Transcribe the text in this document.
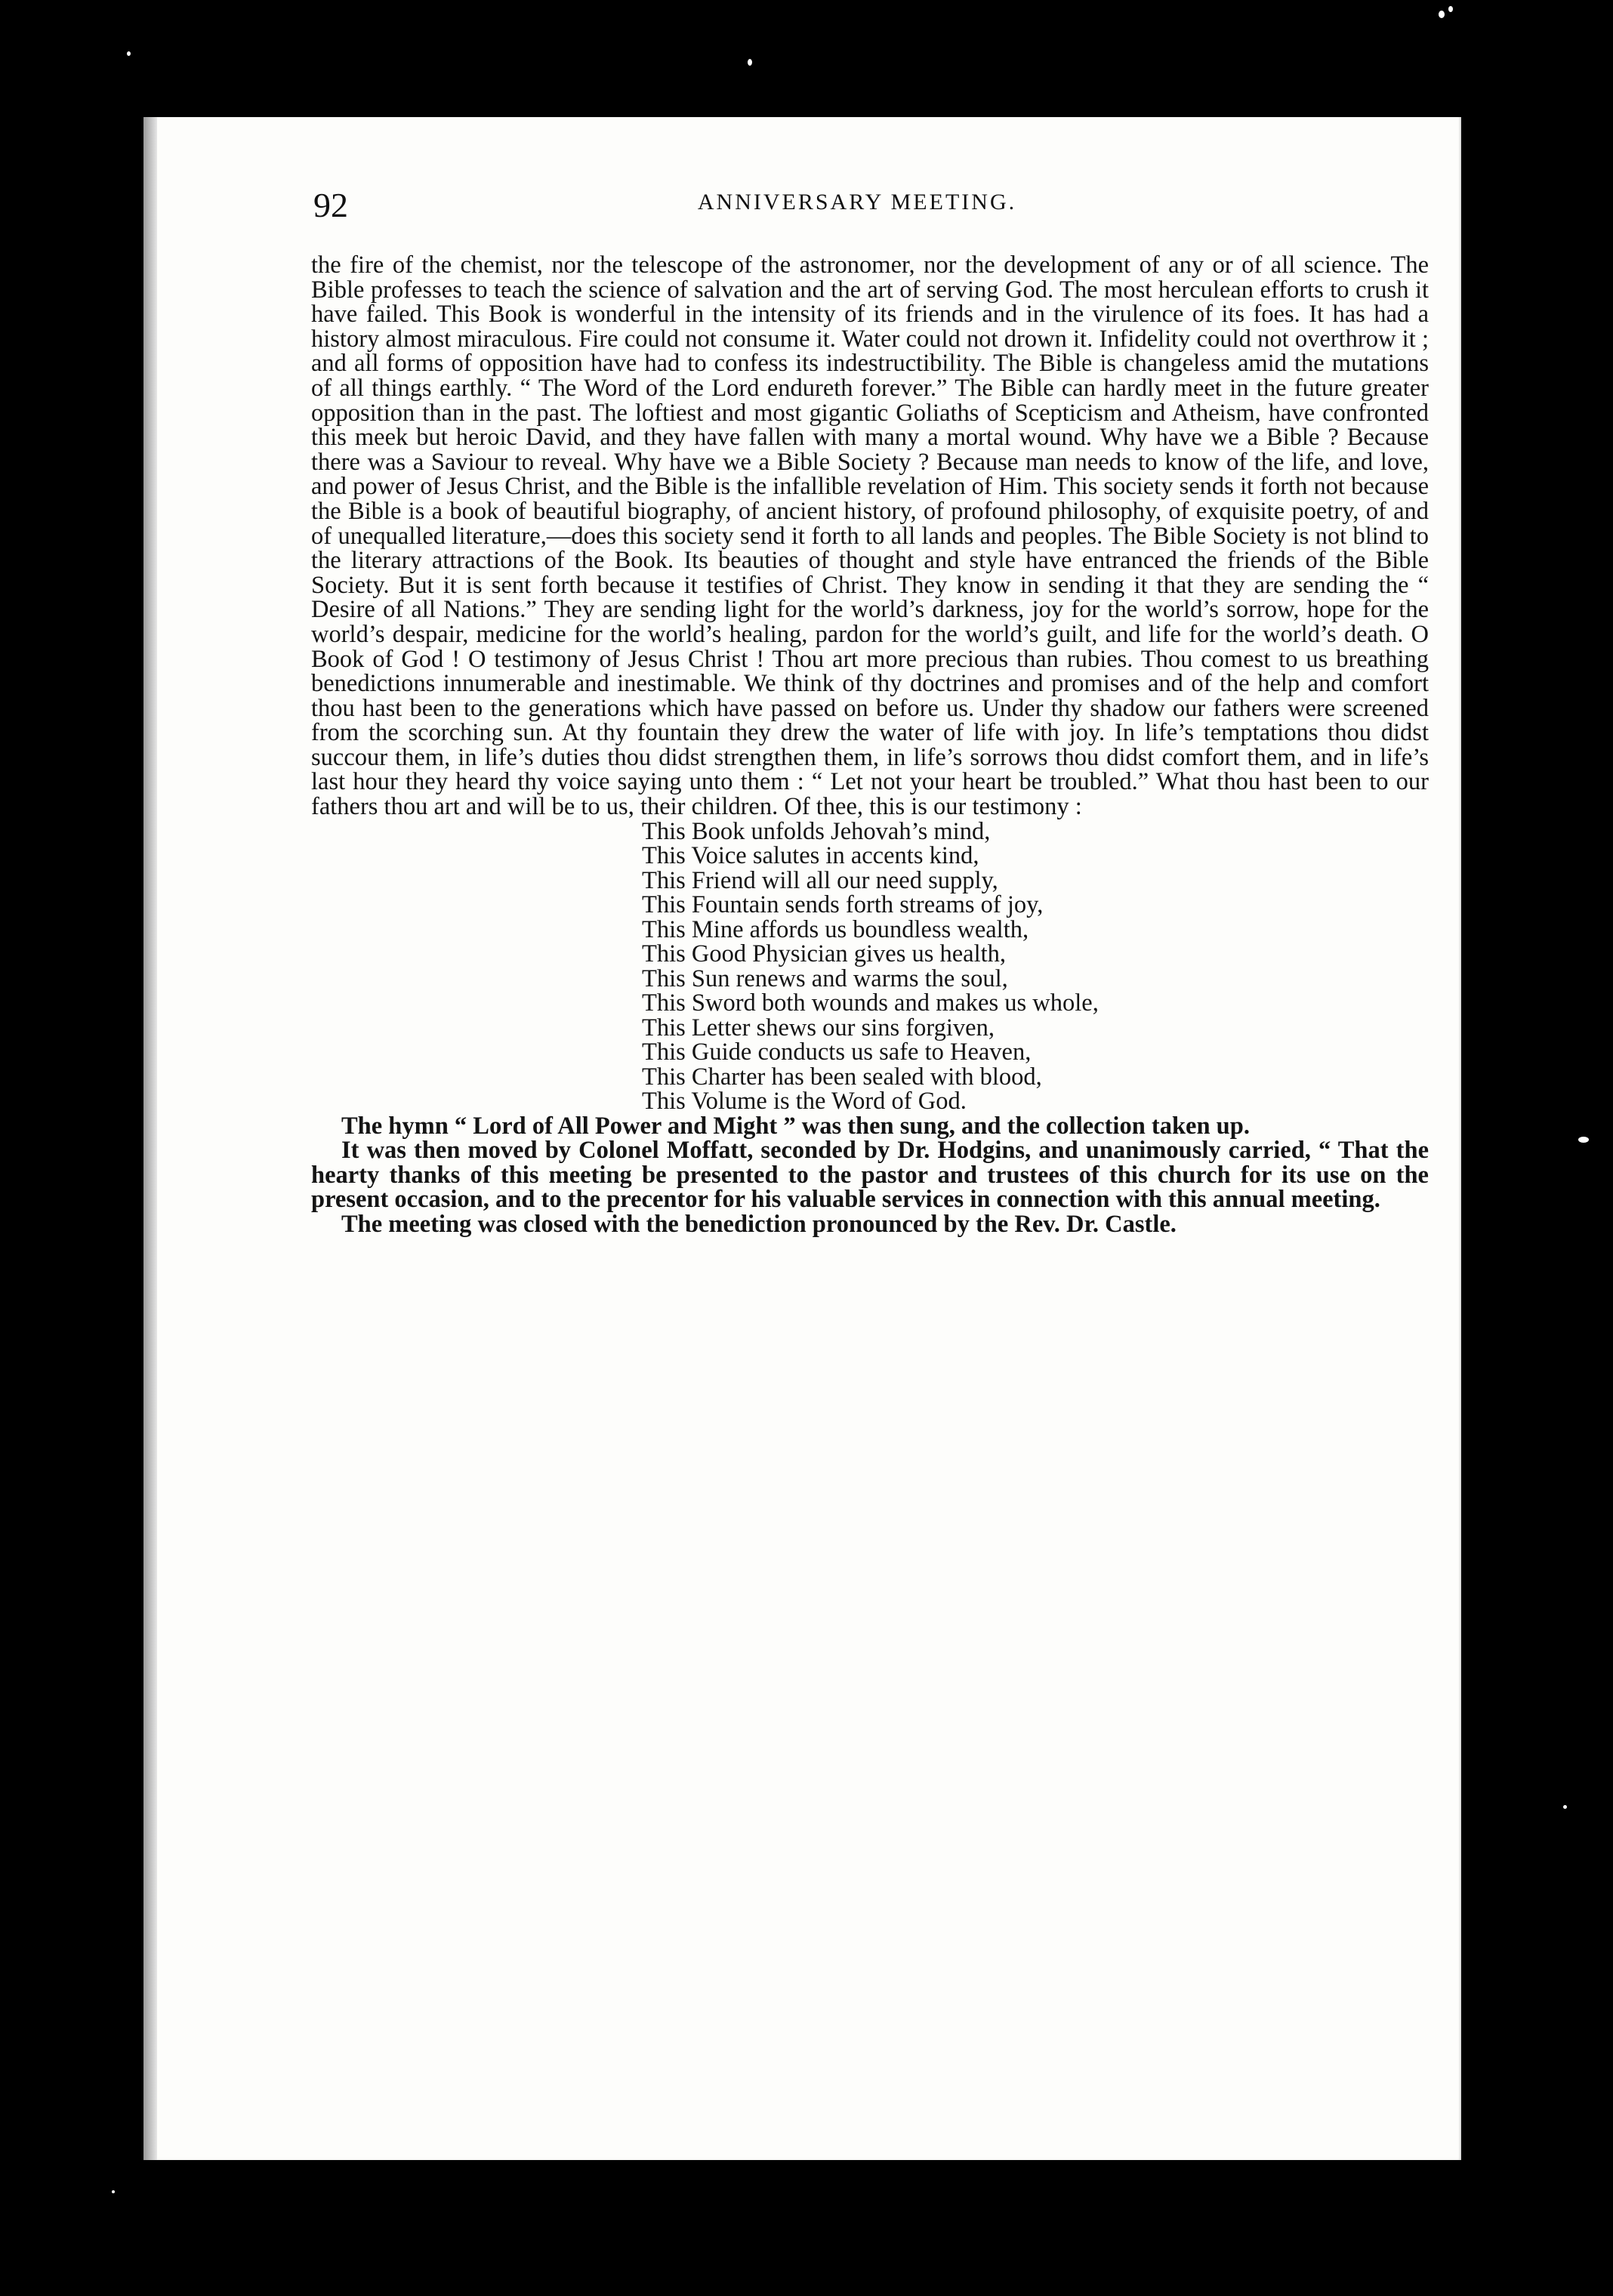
92	ANNIVERSARY MEETING.

the fire of the chemist, nor the telescope of the astronomer, nor the development of any or of all science. The Bible professes to teach the science of salvation and the art of serving God. The most herculean efforts to crush it have failed. This Book is wonderful in the intensity of its friends and in the virulence of its foes. It has had a history almost miraculous. Fire could not consume it. Water could not drown it. Infidelity could not overthrow it ; and all forms of opposition have had to confess its indestructibility. The Bible is changeless amid the mutations of all things earthly. “ The Word of the Lord endureth forever.” The Bible can hardly meet in the future greater opposition than in the past. The loftiest and most gigantic Goliaths of Scepticism and Atheism, have confronted this meek but heroic David, and they have fallen with many a mortal wound. Why have we a Bible ? Because there was a Saviour to reveal. Why have we a Bible Society ? Because man needs to know of the life, and love, and power of Jesus Christ, and the Bible is the infallible revelation of Him. This society sends it forth not because the Bible is a book of beautiful biography, of ancient history, of profound philosophy, of exquisite poetry, of and of unequalled literature,—does this society send it forth to all lands and peoples. The Bible Society is not blind to the literary attractions of the Book. Its beauties of thought and style have entranced the friends of the Bible Society. But it is sent forth because it testifies of Christ. They know in sending it that they are sending the “ Desire of all Nations.” They are sending light for the world’s darkness, joy for the world’s sorrow, hope for the world’s despair, medicine for the world’s healing, pardon for the world’s guilt, and life for the world’s death. O Book of God ! O testimony of Jesus Christ ! Thou art more precious than rubies. Thou comest to us breathing benedictions innumerable and inestimable. We think of thy doctrines and promises and of the help and comfort thou hast been to the generations which have passed on before us. Under thy shadow our fathers were screened from the scorching sun. At thy fountain they drew the water of life with joy. In life’s temptations thou didst succour them, in life’s duties thou didst strengthen them, in life’s sorrows thou didst comfort them, and in life’s last hour they heard thy voice saying unto them : “ Let not your heart be troubled.” What thou hast been to our fathers thou art and will be to us, their children. Of thee, this is our testimony :

This Book unfolds Jehovah’s mind,
This Voice salutes in accents kind,
This Friend will all our need supply,
This Fountain sends forth streams of joy,
This Mine affords us boundless wealth,
This Good Physician gives us health,
This Sun renews and warms the soul,
This Sword both wounds and makes us whole,
This Letter shews our sins forgiven,
This Guide conducts us safe to Heaven,
This Charter has been sealed with blood,
This Volume is the Word of God.

The hymn “ Lord of All Power and Might ” was then sung, and the collection taken up.

It was then moved by Colonel Moffatt, seconded by Dr. Hodgins, and unanimously carried, “ That the hearty thanks of this meeting be presented to the pastor and trustees of this church for its use on the present occasion, and to the precentor for his valuable services in connection with this annual meeting.

The meeting was closed with the benediction pronounced by the Rev. Dr. Castle.
